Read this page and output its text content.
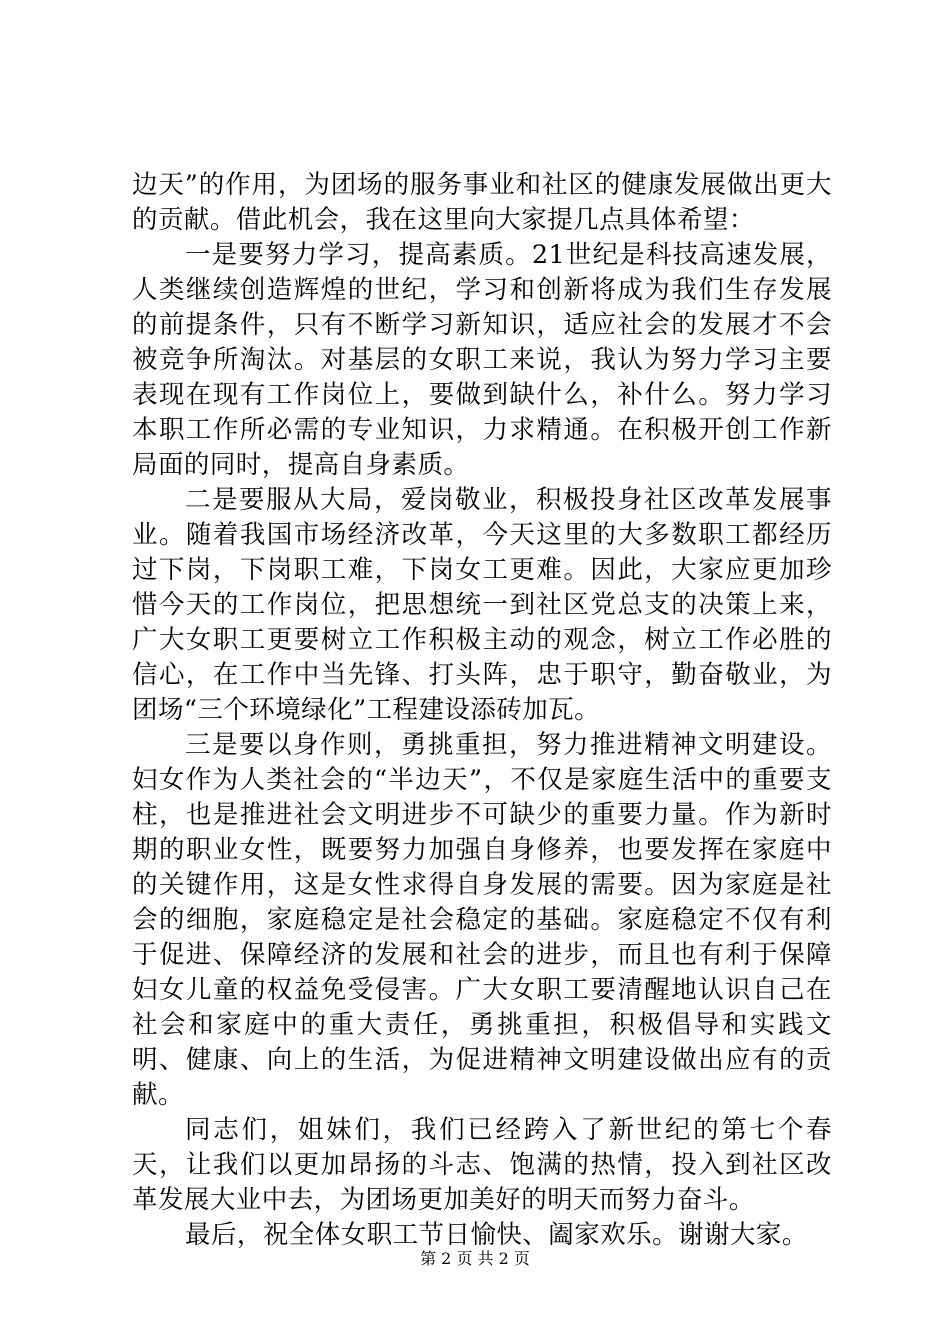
边天”的作用，为团场的服务事业和社区的健康发展做出更大的贡献。借此机会，我在这里向大家提几点具体希望：

一是要努力学习，提高素质。21世纪是科技高速发展，人类继续创造辉煌的世纪，学习和创新将成为我们生存发展的前提条件，只有不断学习新知识，适应社会的发展才不会被竞争所淘汰。对基层的女职工来说，我认为努力学习主要表现在现有工作岗位上，要做到缺什么，补什么。努力学习本职工作所必需的专业知识，力求精通。在积极开创工作新局面的同时，提高自身素质。

二是要服从大局，爱岗敬业，积极投身社区改革发展事业。随着我国市场经济改革，今天这里的大多数职工都经历过下岗，下岗职工难，下岗女工更难。因此，大家应更加珍惜今天的工作岗位，把思想统一到社区党总支的决策上来，广大女职工更要树立工作积极主动的观念，树立工作必胜的信心，在工作中当先锋、打头阵，忠于职守，勤奋敬业，为团场“三个环境绿化”工程建设添砖加瓦。

三是要以身作则，勇挑重担，努力推进精神文明建设。妇女作为人类社会的“半边天”，不仅是家庭生活中的重要支柱，也是推进社会文明进步不可缺少的重要力量。作为新时期的职业女性，既要努力加强自身修养，也要发挥在家庭中的关键作用，这是女性求得自身发展的需要。因为家庭是社会的细胞，家庭稳定是社会稳定的基础。家庭稳定不仅有利于促进、保障经济的发展和社会的进步，而且也有利于保障妇女儿童的权益免受侵害。广大女职工要清醒地认识自己在社会和家庭中的重大责任，勇挑重担，积极倡导和实践文明、健康、向上的生活，为促进精神文明建设做出应有的贡献。

同志们，姐妹们，我们已经跨入了新世纪的第七个春天，让我们以更加昂扬的斗志、饱满的热情，投入到社区改革发展大业中去，为团场更加美好的明天而努力奋斗。

最后，祝全体女职工节日愉快、阖家欢乐。谢谢大家。

第 2 页 共 2 页
